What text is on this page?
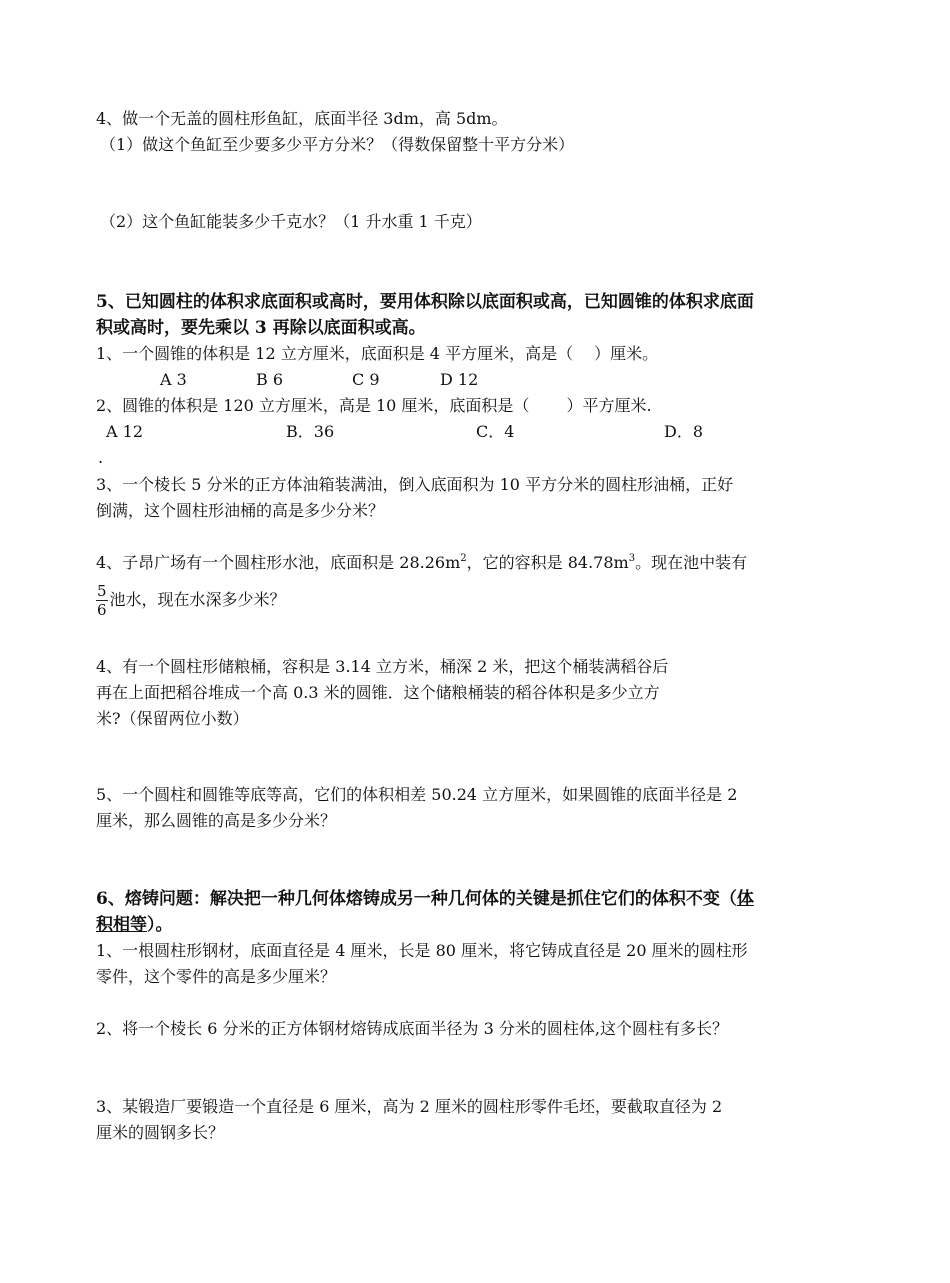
4、做一个无盖的圆柱形鱼缸，底面半径 3dm，高 5dm。
（1）做这个鱼缸至少要多少平方分米？（得数保留整十平方分米）
（2）这个鱼缸能装多少千克水？（1 升水重 1 千克）
5、已知圆柱的体积求底面积或高时，要用体积除以底面积或高，已知圆锥的体积求底面
积或高时，要先乘以 3 再除以底面积或高。
1、一个圆锥的体积是 12 立方厘米，底面积是 4 平方厘米，高是（　 ）厘米。
A 3	B 6	C 9	D 12
2、圆锥的体积是 120 立方厘米，高是 10 厘米，底面积是（　　 ）平方厘米.
A 12	B．36	C．4	D．8
.
3、一个棱长 5 分米的正方体油箱装满油，倒入底面积为 10 平方分米的圆柱形油桶，正好
倒满，这个圆柱形油桶的高是多少分米？
4、子昂广场有一个圆柱形水池，底面积是 $28.26m^2$，它的容积是 $84.78m^3$。现在池中装有
$\frac{5}{6}$ 池水，现在水深多少米？
4、有一个圆柱形储粮桶，容积是 3.14 立方米，桶深 2 米，把这个桶装满稻谷后
再在上面把稻谷堆成一个高 0.3 米的圆锥．这个储粮桶装的稻谷体积是多少立方
米?（保留两位小数）
5、一个圆柱和圆锥等底等高，它们的体积相差 50.24 立方厘米，如果圆锥的底面半径是 2
厘米，那么圆锥的高是多少分米？
6、熔铸问题：解决把一种几何体熔铸成另一种几何体的关键是抓住它们的体积不变（体
积相等）。
1、一根圆柱形钢材，底面直径是 4 厘米，长是 80 厘米，将它铸成直径是 20 厘米的圆柱形
零件，这个零件的高是多少厘米？
2、将一个棱长 6 分米的正方体钢材熔铸成底面半径为 3 分米的圆柱体,这个圆柱有多长？
3、某锻造厂要锻造一个直径是 6 厘米，高为 2 厘米的圆柱形零件毛坯，要截取直径为 2
厘米的圆钢多长？
